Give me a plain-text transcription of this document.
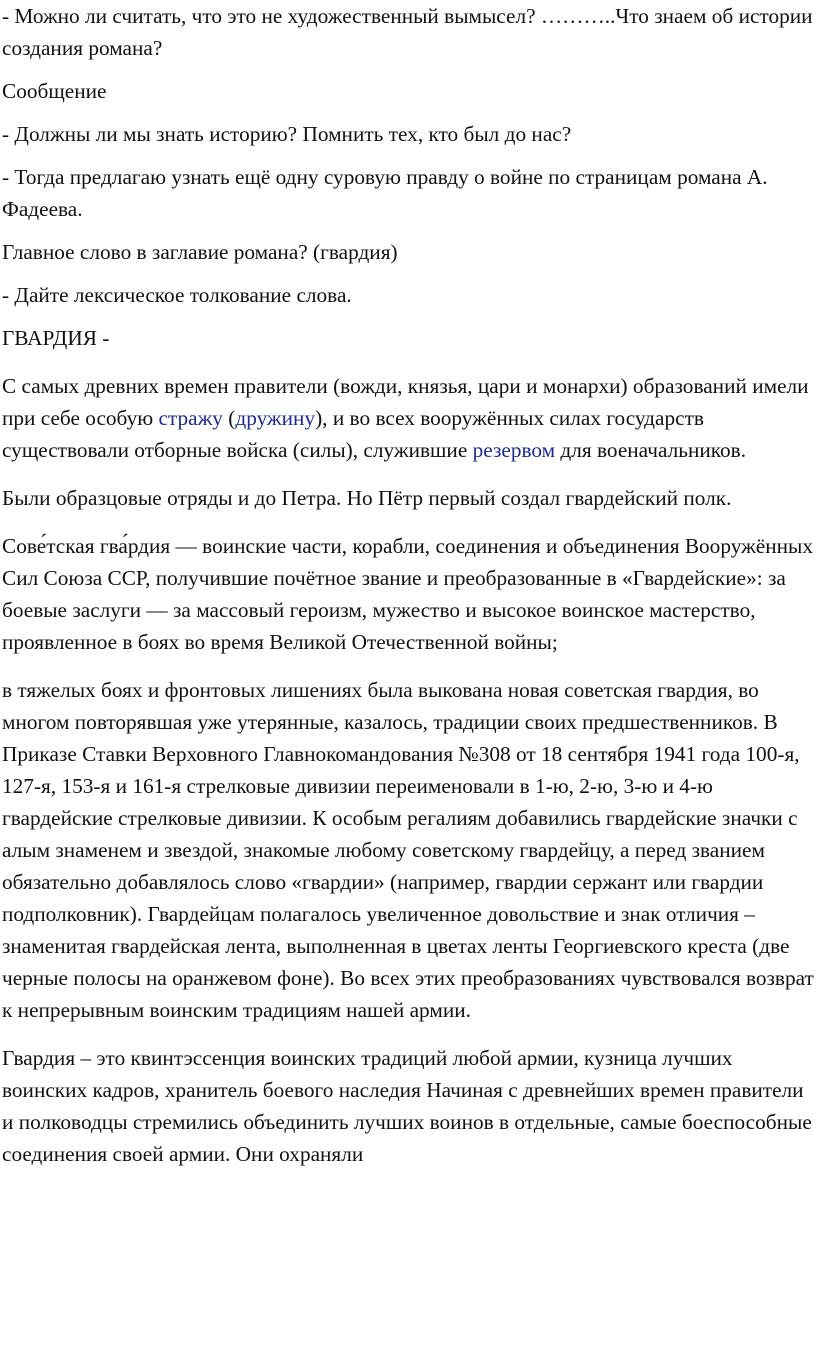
- Можно ли считать, что это не художественный вымысел? ………..Что знаем об истории создания романа?

Сообщение

- Должны ли мы знать историю? Помнить тех, кто был до нас?

- Тогда предлагаю узнать ещё одну суровую правду о войне по страницам романа А. Фадеева.

Главное слово в заглавие романа? (гвардия)

- Дайте лексическое толкование слова.

ГВАРДИЯ -

С самых древних времен правители (вожди, князья, цари и монархи) образований имели при себе особую стражу (дружину), и во всех вооружённых силах государств существовали отборные войска (силы), служившие резервом для военачальников.

Были образцовые отряды и до Петра. Но Пётр первый создал гвардейский полк.

Сове́тская гва́рдия — воинские части, корабли, соединения и объединения Вооружённых Сил Союза ССР, получившие почётное звание и преобразованные в «Гвардейские»: за боевые заслуги — за массовый героизм, мужество и высокое воинское мастерство, проявленное в боях во время Великой Отечественной войны;

в тяжелых боях и фронтовых лишениях была выкована новая советская гвардия, во многом повторявшая уже утерянные, казалось, традиции своих предшественников. В Приказе Ставки Верховного Главнокомандования №308 от 18 сентября 1941 года 100-я, 127-я, 153-я и 161-я стрелковые дивизии переименовали в 1-ю, 2-ю, 3-ю и 4-ю гвардейские стрелковые дивизии. К особым регалиям добавились гвардейские значки с алым знаменем и звездой, знакомые любому советскому гвардейцу, а перед званием обязательно добавлялось слово «гвардии» (например, гвардии сержант или гвардии подполковник). Гвардейцам полагалось увеличенное довольствие и знак отличия – знаменитая гвардейская лента, выполненная в цветах ленты Георгиевского креста (две черные полосы на оранжевом фоне). Во всех этих преобразованиях чувствовался возврат к непрерывным воинским традициям нашей армии.

Гвардия – это квинтэссенция воинских традиций любой армии, кузница лучших воинских кадров, хранитель боевого наследия Начиная с древнейших времен правители и полководцы стремились объединить лучших воинов в отдельные, самые боеспособные соединения своей армии. Они охраняли
